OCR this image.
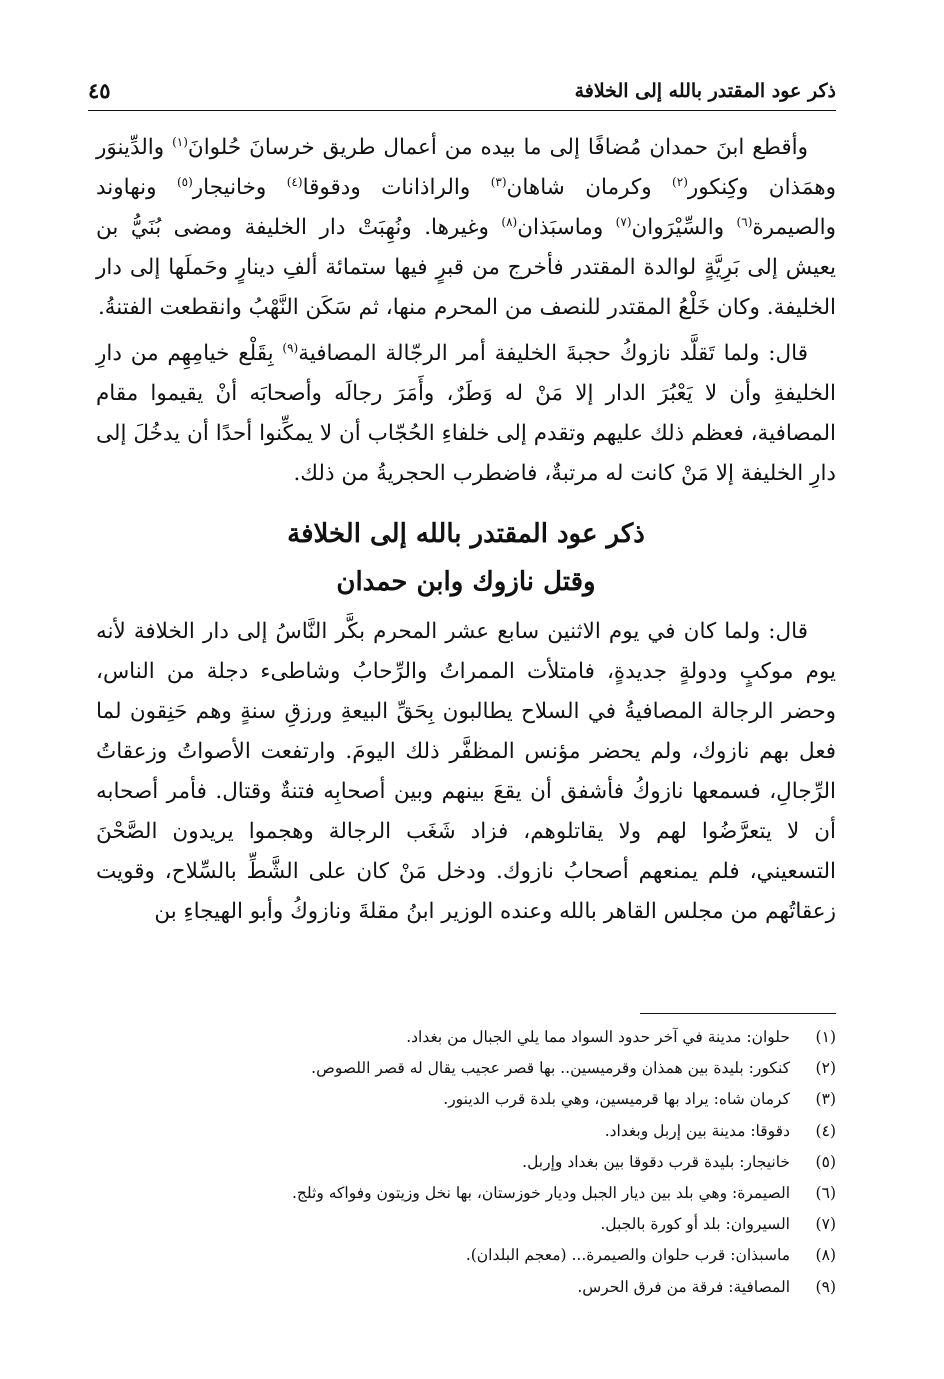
ذكر عود المقتدر بالله إلى الخلافة
٤٥

وأقطع ابنَ حمدان مُضافًا إلى ما بيده من أعمال طريق خرسانَ حُلوانَ$^{(١)}$ والدِّينوَر وهمَذان وكِنكور$^{(٢)}$ وكرمان شاهان$^{(٣)}$ والراذانات ودقوقا$^{(٤)}$ وخانيجار$^{(٥)}$ ونهاوند والصيمرة$^{(٦)}$ والسِّيْرَوان$^{(٧)}$ وماسبَذان$^{(٨)}$ وغيرها. ونُهِبَتْ دار الخليفة ومضى بُنَيُّ بن يعيش إلى بَرِيَّةٍ لوالدة المقتدر فأخرج من قبرٍ فيها ستمائة ألفِ دينارٍ وحَملَها إلى دار الخليفة. وكان خَلْعُ المقتدر للنصف من المحرم منها، ثم سَكَن النَّهْبُ وانقطعت الفتنةُ.

قال: ولما تَقلَّد نازوكُ حجبةَ الخليفة أمر الرجّالة المصافية$^{(٩)}$ بِقَلْع خيامِهِم من دارِ الخليفةِ وأن لا يَعْبُرَ الدار إلا مَنْ له وَطَرٌ، وأَمَرَ رجالَه وأصحابَه أنْ يقيموا مقام المصافية، فعظم ذلك عليهم وتقدم إلى خلفاءِ الحُجّاب أن لا يمكِّنوا أحدًا أن يدخُلَ إلى دارِ الخليفة إلا مَنْ كانت له مرتبةٌ، فاضطرب الحجريةُ من ذلك.

ذكر عود المقتدر بالله إلى الخلافة
وقتل نازوك وابن حمدان

قال: ولما كان في يوم الاثنين سابع عشر المحرم بكَّر النَّاسُ إلى دار الخلافة لأنه يوم موكبٍ ودولةٍ جديدةٍ، فامتلأت الممراتُ والرِّحابُ وشاطىء دجلة من الناس، وحضر الرجالة المصافيةُ في السلاح يطالبون بِحَقِّ البيعةِ ورزقِ سنةٍ وهم حَنِقون لما فعل بهم نازوك، ولم يحضر مؤنس المظفَّر ذلك اليومَ. وارتفعت الأصواتُ وزعقاتُ الرِّجالِ، فسمعها نازوكُ فأشفق أن يقعَ بينهم وبين أصحابِه فتنةٌ وقتال. فأمر أصحابه أن لا يتعرَّضُوا لهم ولا يقاتلوهم، فزاد شَغَب الرجالة وهجموا يريدون الصَّحْنَ التسعيني، فلم يمنعهم أصحابُ نازوك. ودخل مَنْ كان على الشَّطِّ بالسِّلاح، وقويت زعقاتُهم من مجلس القاهر بالله وعنده الوزير ابنُ مقلةَ ونازوكُ وأبو الهيجاءِ بن

(١)
حلوان: مدينة في آخر حدود السواد مما يلي الجبال من بغداد.
(٢)
كنكور: بليدة بين همذان وقرميسين.. بها قصر عجيب يقال له قصر اللصوص.
(٣)
كرمان شاه: يراد بها قرميسين، وهي بلدة قرب الدينور.
(٤)
دقوقا: مدينة بين إربل وبغداد.
(٥)
خانيجار: بليدة قرب دقوقا بين بغداد وإربل.
(٦)
الصيمرة: وهي بلد بين ديار الجبل وديار خوزستان، بها نخل وزيتون وفواكه وثلج.
(٧)
السيروان: بلد أو كورة بالجبل.
(٨)
ماسبذان: قرب حلوان والصيمرة... (معجم البلدان).
(٩)
المصافية: فرقة من فرق الحرس.
